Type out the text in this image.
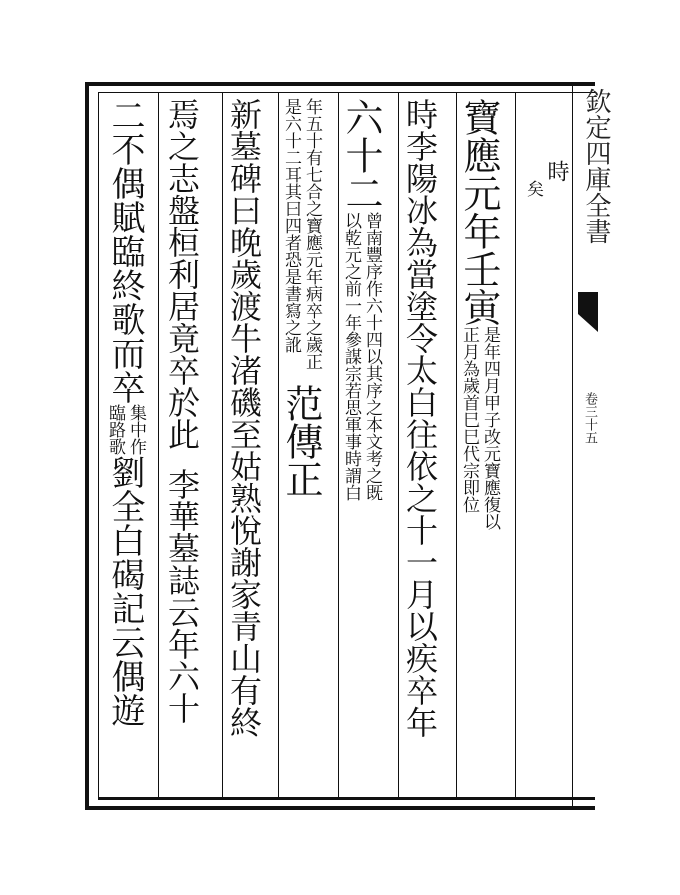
欽定四庫全書
卷三十五
寶應元年壬寅
是年四月甲子改元寶應復以
正月為歲首巳巳代宗即位
時李陽冰為當塗令太白往依之十一月以疾卒年
六十二
曾南豐序作六十四以其序之本文考之既
以乾元之前一年參謀宗若思軍事時謂白
年五十有七合之寶應元年病卒之歲正
是六十二耳其曰四者恐是書寫之訛
范傳正
新墓碑曰晚歲渡牛渚磯至姑熟悅謝家青山有終
焉之志盤桓利居竟卒於此
李華墓誌云年六十
二不偶賦臨終歌而卒
集中作
臨路歌
劉全白碣記云偶遊
時
矣
